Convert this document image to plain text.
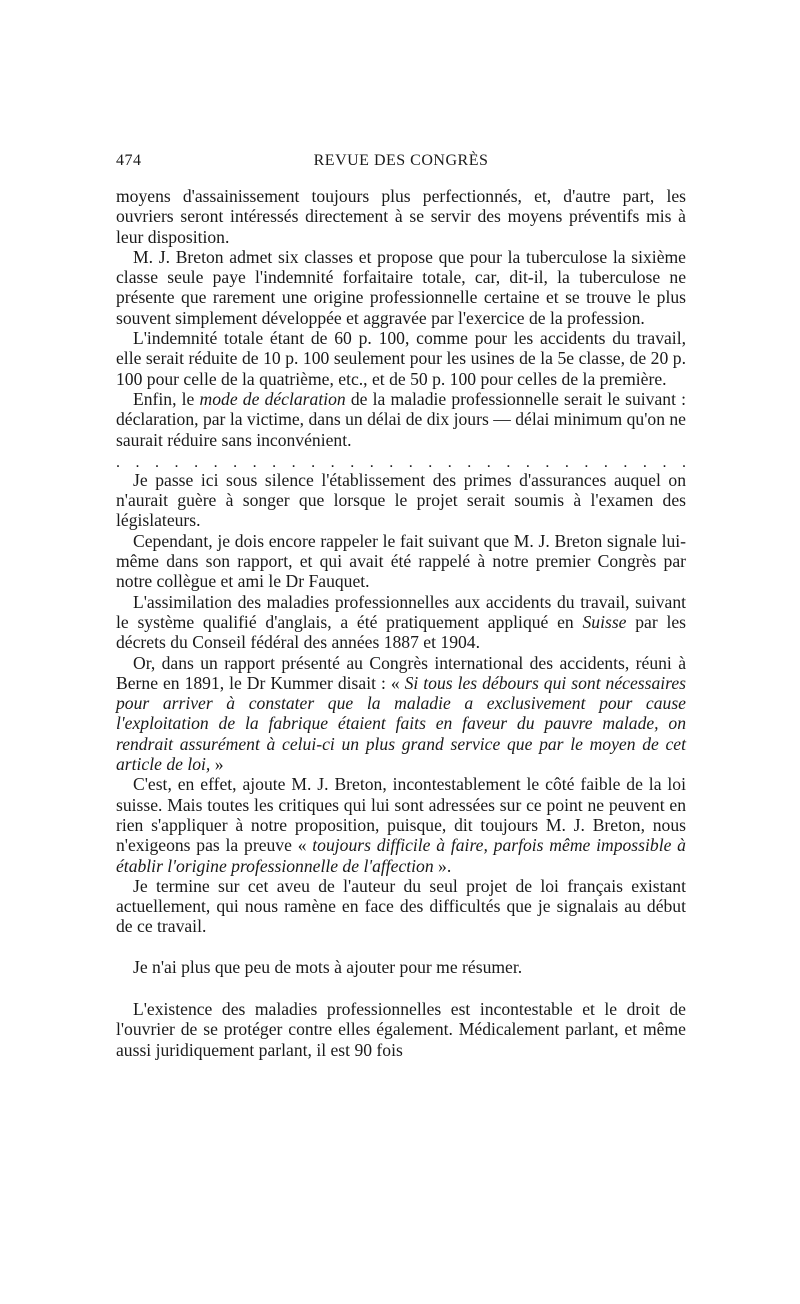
474	REVUE DES CONGRÈS

moyens d'assainissement toujours plus perfectionnés, et, d'autre part, les ouvriers seront intéressés directement à se servir des moyens préventifs mis à leur disposition.

M. J. Breton admet six classes et propose que pour la tuberculose la sixième classe seule paye l'indemnité forfaitaire totale, car, dit-il, la tuberculose ne présente que rarement une origine professionnelle certaine et se trouve le plus souvent simplement développée et aggravée par l'exercice de la profession.

L'indemnité totale étant de 60 p. 100, comme pour les accidents du travail, elle serait réduite de 10 p. 100 seulement pour les usines de la 5e classe, de 20 p. 100 pour celle de la quatrième, etc., et de 50 p. 100 pour celles de la première.

Enfin, le mode de déclaration de la maladie professionnelle serait le suivant : déclaration, par la victime, dans un délai de dix jours — délai minimum qu'on ne saurait réduire sans inconvénient.

. . . . . . . . . . . . . . . . . . . . . . . . . . . . . .

Je passe ici sous silence l'établissement des primes d'assurances auquel on n'aurait guère à songer que lorsque le projet serait soumis à l'examen des législateurs.

Cependant, je dois encore rappeler le fait suivant que M. J. Breton signale lui-même dans son rapport, et qui avait été rappelé à notre premier Congrès par notre collègue et ami le Dr Fauquet.

L'assimilation des maladies professionnelles aux accidents du travail, suivant le système qualifié d'anglais, a été pratiquement appliqué en Suisse par les décrets du Conseil fédéral des années 1887 et 1904.

Or, dans un rapport présenté au Congrès international des accidents, réuni à Berne en 1891, le Dr Kummer disait : « Si tous les débours qui sont nécessaires pour arriver à constater que la maladie a exclusivement pour cause l'exploitation de la fabrique étaient faits en faveur du pauvre malade, on rendrait assurément à celui-ci un plus grand service que par le moyen de cet article de loi, »

C'est, en effet, ajoute M. J. Breton, incontestablement le côté faible de la loi suisse. Mais toutes les critiques qui lui sont adressées sur ce point ne peuvent en rien s'appliquer à notre proposition, puisque, dit toujours M. J. Breton, nous n'exigeons pas la preuve « toujours difficile à faire, parfois même impossible à établir l'origine professionnelle de l'affection ».

Je termine sur cet aveu de l'auteur du seul projet de loi français existant actuellement, qui nous ramène en face des difficultés que je signalais au début de ce travail.

Je n'ai plus que peu de mots à ajouter pour me résumer.

L'existence des maladies professionnelles est incontestable et le droit de l'ouvrier de se protéger contre elles également. Médicalement parlant, et même aussi juridiquement parlant, il est 90 fois
